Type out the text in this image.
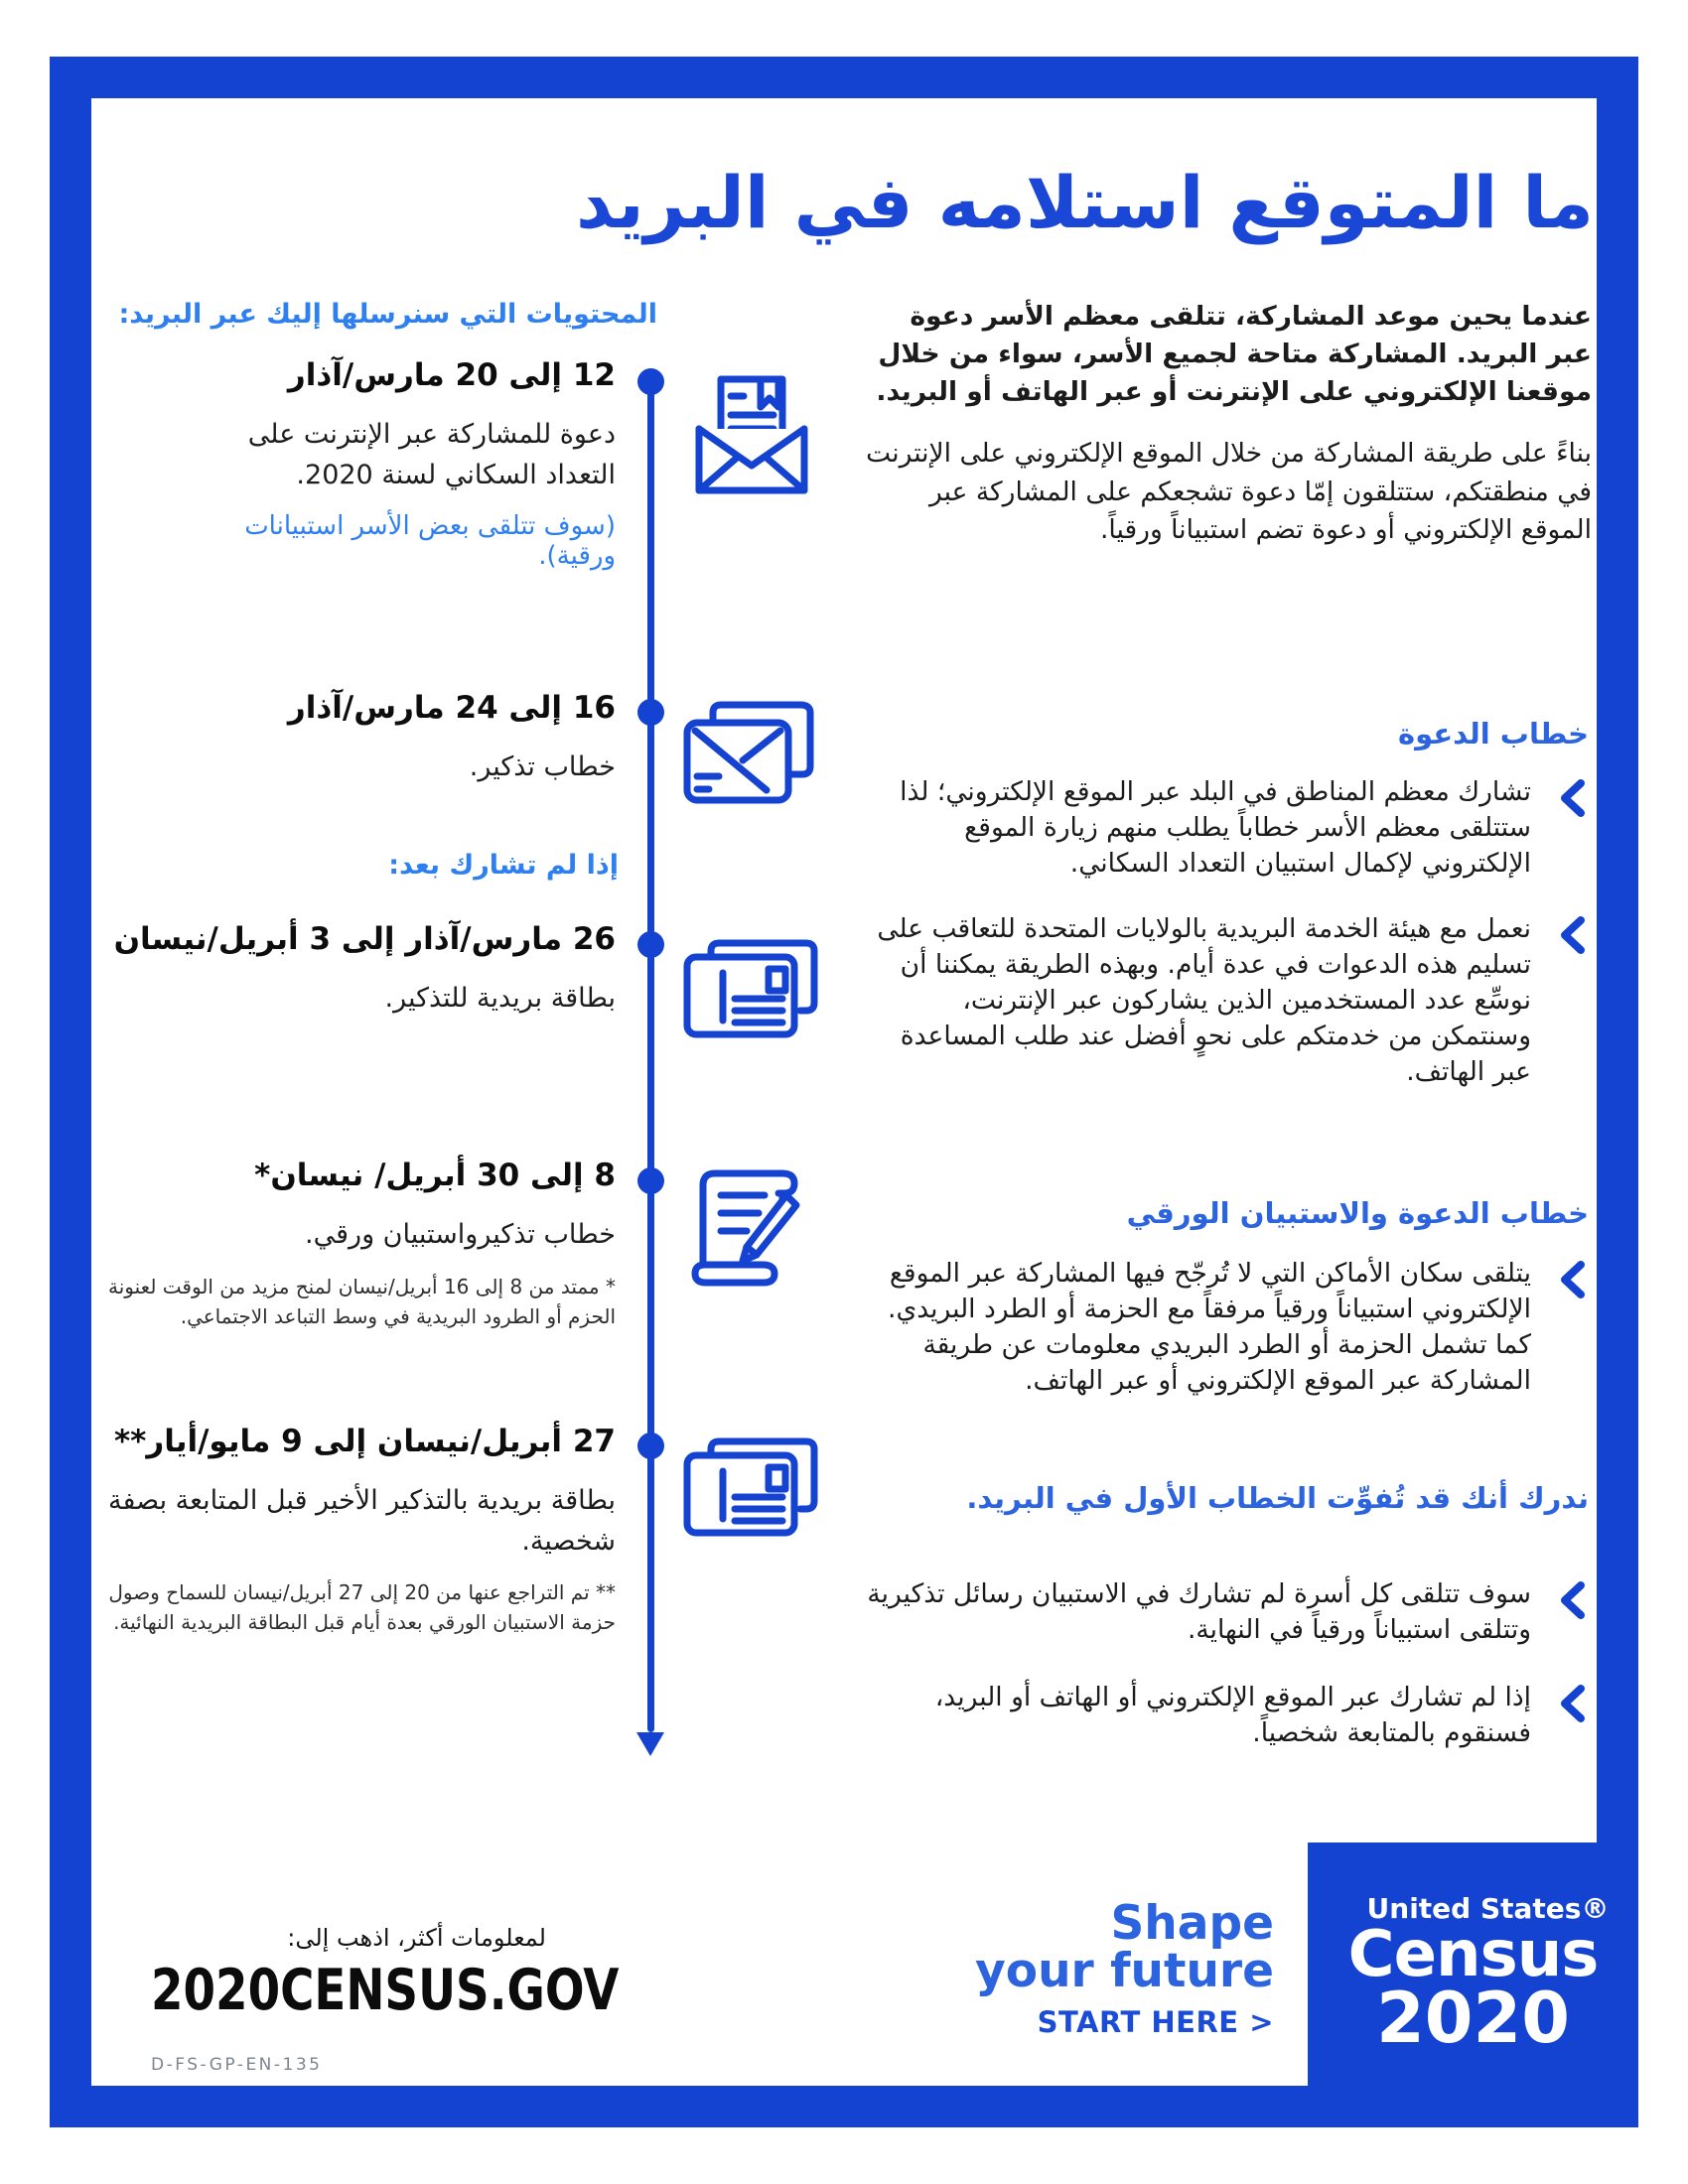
ما المتوقع استلامه في البريد

عندما يحين موعد المشاركة، تتلقى معظم الأسر دعوة عبر البريد. المشاركة متاحة لجميع الأسر، سواء من خلال موقعنا الإلكتروني على الإنترنت أو عبر الهاتف أو البريد.

بناءً على طريقة المشاركة من خلال الموقع الإلكتروني على الإنترنت في منطقتكم، ستتلقون إمّا دعوة تشجعكم على المشاركة عبر الموقع الإلكتروني أو دعوة تضم استبياناً ورقياً.

المحتويات التي سنرسلها إليك عبر البريد:
12 إلى 20 مارس/آذار
دعوة للمشاركة عبر الإنترنت على التعداد السكاني لسنة 2020.
(سوف تتلقى بعض الأسر استبيانات ورقية).
16 إلى 24 مارس/آذار
خطاب تذكير.
إذا لم تشارك بعد:
26 مارس/آذار إلى 3 أبريل/نيسان
بطاقة بريدية للتذكير.
8 إلى 30 أبريل/ نيسان*
خطاب تذكيرواستبيان ورقي.
* ممتد من 8 إلى 16 أبريل/نيسان لمنح مزيد من الوقت لعنونة الحزم أو الطرود البريدية في وسط التباعد الاجتماعي.
27 أبريل/نيسان إلى 9 مايو/أيار**
بطاقة بريدية بالتذكير الأخير قبل المتابعة بصفة شخصية.
** تم التراجع عنها من 20 إلى 27 أبريل/نيسان للسماح وصول حزمة الاستبيان الورقي بعدة أيام قبل البطاقة البريدية النهائية.
خطاب الدعوة
تشارك معظم المناطق في البلد عبر الموقع الإلكتروني؛ لذا ستتلقى معظم الأسر خطاباً يطلب منهم زيارة الموقع الإلكتروني لإكمال استبيان التعداد السكاني.
نعمل مع هيئة الخدمة البريدية بالولايات المتحدة للتعاقب على تسليم هذه الدعوات في عدة أيام. وبهذه الطريقة يمكننا أن نوسِّع عدد المستخدمين الذين يشاركون عبر الإنترنت، وسنتمكن من خدمتكم على نحوٍ أفضل عند طلب المساعدة عبر الهاتف.
خطاب الدعوة والاستبيان الورقي
يتلقى سكان الأماكن التي لا تُرجّح فيها المشاركة عبر الموقع الإلكتروني استبياناً ورقياً مرفقاً مع الحزمة أو الطرد البريدي. كما تشمل الحزمة أو الطرد البريدي معلومات عن طريقة المشاركة عبر الموقع الإلكتروني أو عبر الهاتف.
ندرك أنك قد تُفوِّت الخطاب الأول في البريد.
سوف تتلقى كل أسرة لم تشارك في الاستبيان رسائل تذكيرية وتتلقى استبياناً ورقياً في النهاية.
إذا لم تشارك عبر الموقع الإلكتروني أو الهاتف أو البريد، فسنقوم بالمتابعة شخصياً.
لمعلومات أكثر، اذهب إلى:
2020CENSUS.GOV
D-FS-GP-EN-135
Shape
your future
START HERE >
United States®
Census
2020
